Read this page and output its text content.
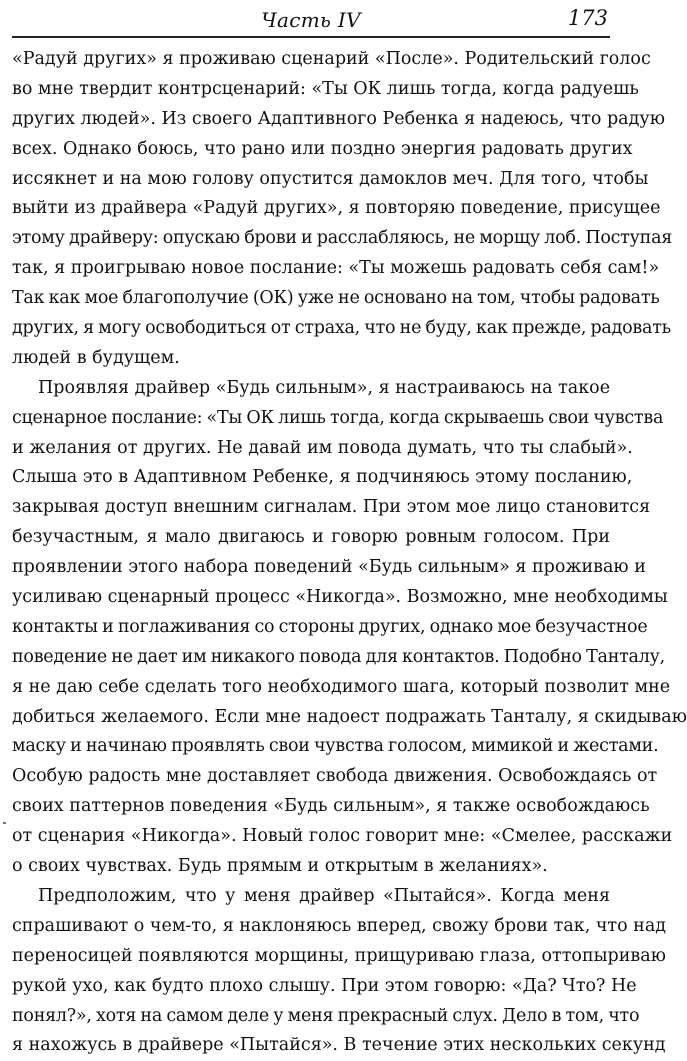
Часть IV	173
«Радуй других» я проживаю сценарий «После». Родительский голос
во мне твердит контрсценарий: «Ты ОК лишь тогда, когда радуешь
других людей». Из своего Адаптивного Ребенка я надеюсь, что радую
всех. Однако боюсь, что рано или поздно энергия радовать других
иссякнет и на мою голову опустится дамоклов меч. Для того, чтобы
выйти из драйвера «Радуй других», я повторяю поведение, присущее
этому драйверу: опускаю брови и расслабляюсь, не морщу лоб. Поступая
так, я проигрываю новое послание: «Ты можешь радовать себя сам!»
Так как мое благополучие (ОК) уже не основано на том, чтобы радовать
других, я могу освободиться от страха, что не буду, как прежде, радовать
людей в будущем.
Проявляя драйвер «Будь сильным», я настраиваюсь на такое
сценарное послание: «Ты ОК лишь тогда, когда скрываешь свои чувства
и желания от других. Не давай им повода думать, что ты слабый».
Слыша это в Адаптивном Ребенке, я подчиняюсь этому посланию,
закрывая доступ внешним сигналам. При этом мое лицо становится
безучастным, я мало двигаюсь и говорю ровным голосом. При
проявлении этого набора поведений «Будь сильным» я проживаю и
усиливаю сценарный процесс «Никогда». Возможно, мне необходимы
контакты и поглаживания со стороны других, однако мое безучастное
поведение не дает им никакого повода для контактов. Подобно Танталу,
я не даю себе сделать того необходимого шага, который позволит мне
добиться желаемого. Если мне надоест подражать Танталу, я скидываю
маску и начинаю проявлять свои чувства голосом, мимикой и жестами.
Особую радость мне доставляет свобода движения. Освобождаясь от
своих паттернов поведения «Будь сильным», я также освобождаюсь
от сценария «Никогда». Новый голос говорит мне: «Смелее, расскажи
о своих чувствах. Будь прямым и открытым в желаниях».
Предположим, что у меня драйвер «Пытайся». Когда меня
спрашивают о чем-то, я наклоняюсь вперед, свожу брови так, что над
переносицей появляются морщины, прищуриваю глаза, оттопыриваю
рукой ухо, как будто плохо слышу. При этом говорю: «Да? Что? Не
понял?», хотя на самом деле у меня прекрасный слух. Дело в том, что
я нахожусь в драйвере «Пытайся». В течение этих нескольких секунд
